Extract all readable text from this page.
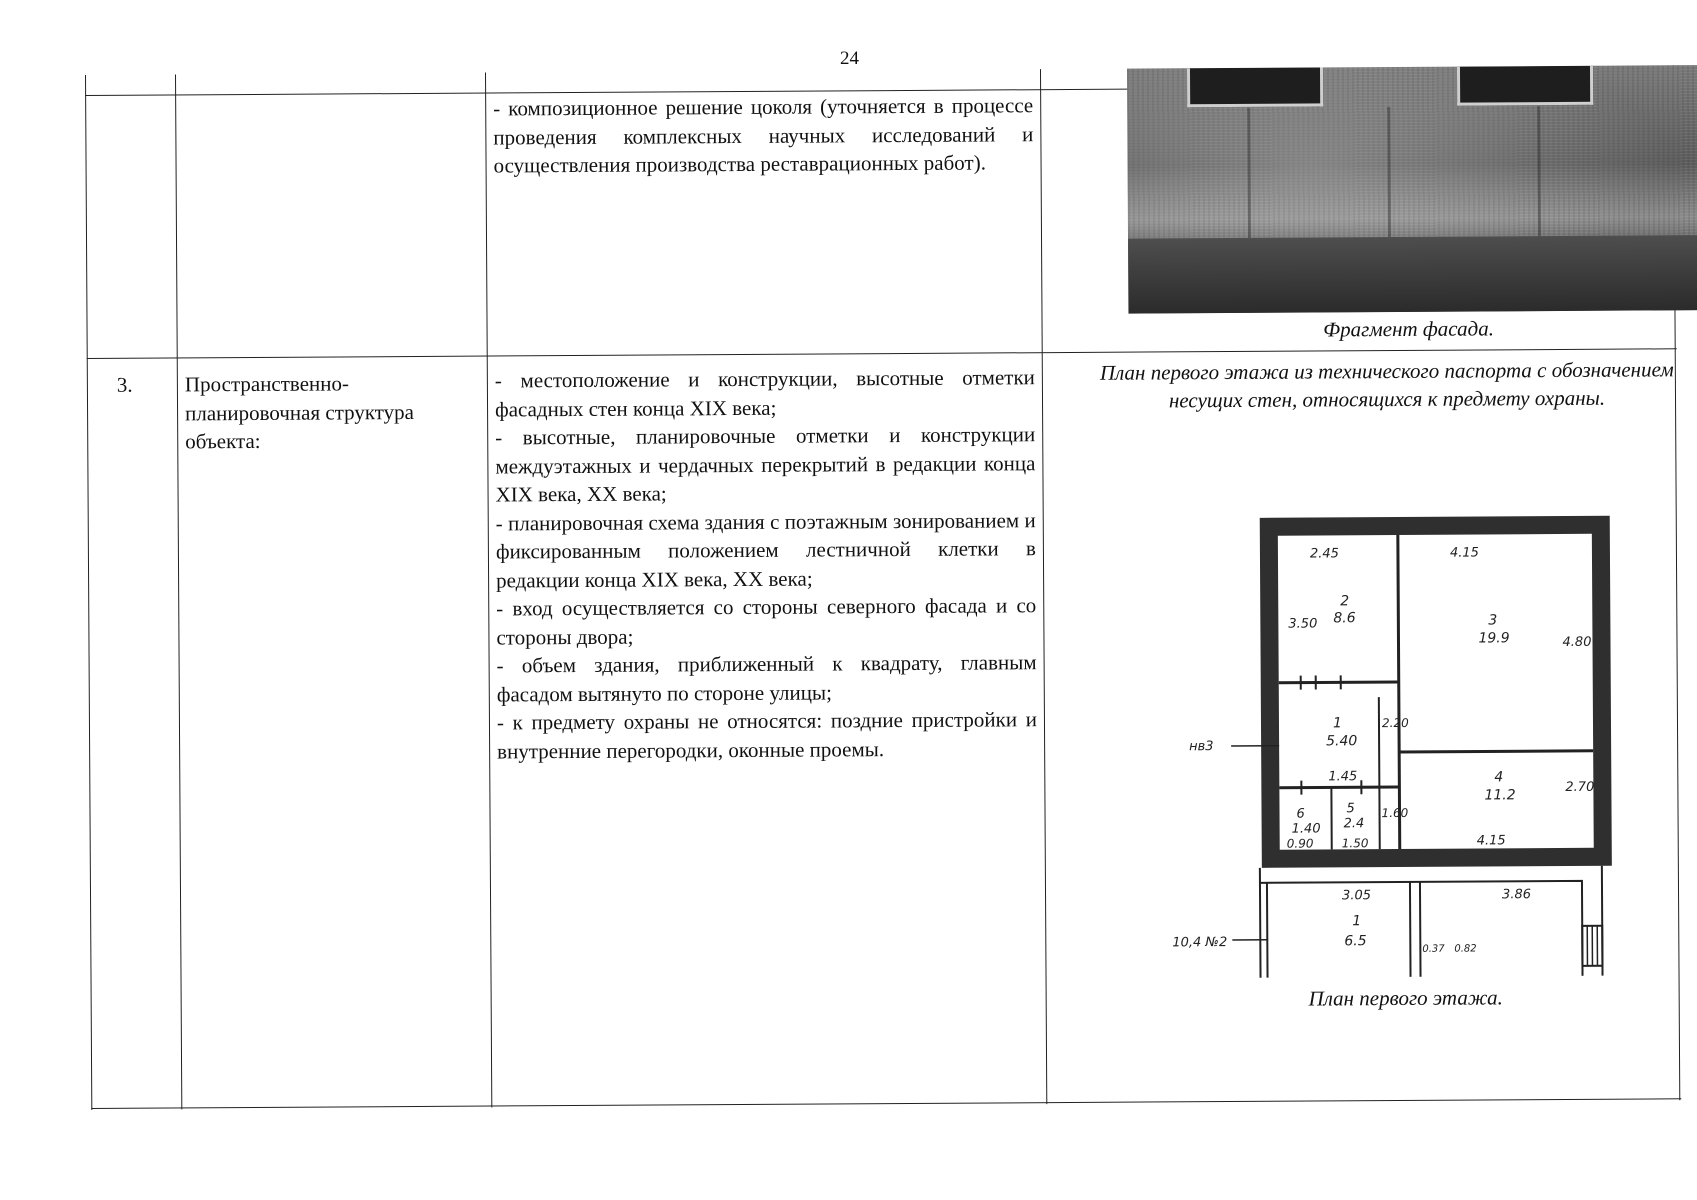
24
- композиционное решение цоколя (уточняется в процессе проведения комплексных научных исследований и осуществления производства реставрационных работ).
Фрагмент фасада.
3. Пространственно-планировочная структура объекта:
- местоположение и конструкции, высотные отметки фасадных стен конца XIX века;
- высотные, планировочные отметки и конструкции междуэтажных и чердачных перекрытий в редакции конца XIX века, XX века;
- планировочная схема здания с поэтажным зонированием и фиксированным положением лестничной клетки в редакции конца XIX века, XX века;
- вход осуществляется со стороны северного фасада и со стороны двора;
- объем здания, приближенный к квадрату, главным фасадом вытянуто по стороне улицы;
- к предмету охраны не относятся: поздние пристройки и внутренние перегородки, оконные проемы.
План первого этажа из технического паспорта с обозначением несущих стен, относящихся к предмету охраны.
2.45	4.15
3.50
2
8.6	3
19.9	4.80
1
5.40
2.20
1.45	4
11.2	2.70
6
1.40
5
2.4
1.60
0.90 1.50	4.15
3.05	3.86
1
6.5	0.37 0.82
нв3
10,4 №2
План первого этажа.
